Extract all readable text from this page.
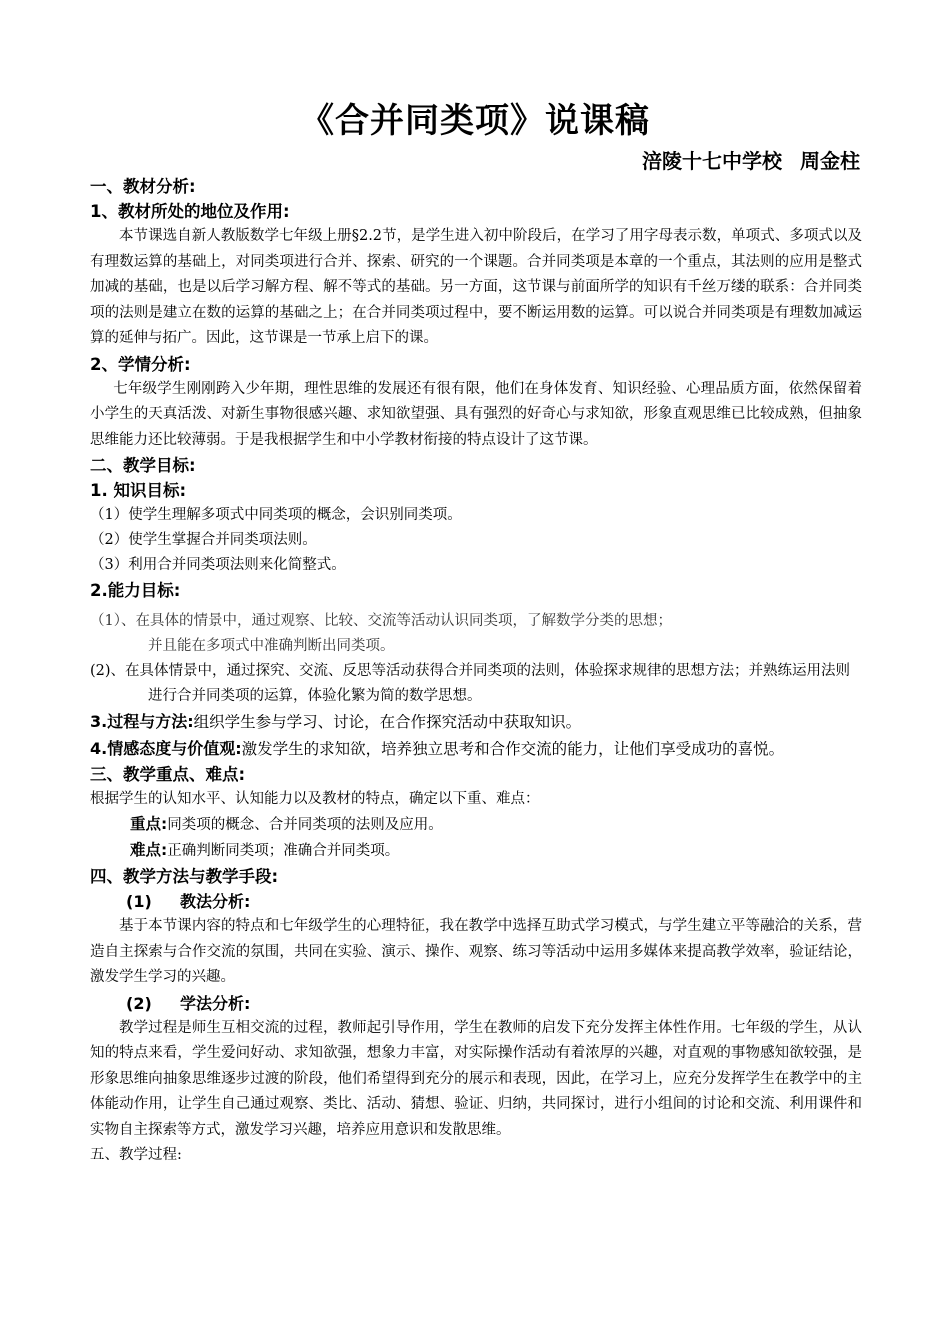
《合并同类项》说课稿
涪陵十七中学校 周金柱
一、教材分析:
1、教材所处的地位及作用:
本节课选自新人教版数学七年级上册§2.2节，是学生进入初中阶段后，在学习了用字母表示数，单项式、多项式以及有理数运算的基础上，对同类项进行合并、探索、研究的一个课题。合并同类项是本章的一个重点，其法则的应用是整式加减的基础，也是以后学习解方程、解不等式的基础。另一方面，这节课与前面所学的知识有千丝万缕的联系：合并同类项的法则是建立在数的运算的基础之上；在合并同类项过程中，要不断运用数的运算。可以说合并同类项是有理数加减运算的延伸与拓广。因此，这节课是一节承上启下的课。
2、学情分析:
七年级学生刚刚跨入少年期，理性思维的发展还有很有限，他们在身体发育、知识经验、心理品质方面，依然保留着小学生的天真活泼、对新生事物很感兴趣、求知欲望强、具有强烈的好奇心与求知欲，形象直观思维已比较成熟，但抽象思维能力还比较薄弱。于是我根据学生和中小学教材衔接的特点设计了这节课。
二、教学目标:
1. 知识目标:
（1）使学生理解多项式中同类项的概念，会识别同类项。
（2）使学生掌握合并同类项法则。
（3）利用合并同类项法则来化简整式。
2.能力目标:
（1）、在具体的情景中，通过观察、比较、交流等活动认识同类项，了解数学分类的思想；
并且能在多项式中准确判断出同类项。
(2)、在具体情景中，通过探究、交流、反思等活动获得合并同类项的法则，体验探求规律的思想方法；并熟练运用法则进行合并同类项的运算，体验化繁为简的数学思想。
3.过程与方法:组织学生参与学习、讨论，在合作探究活动中获取知识。
4.情感态度与价值观:激发学生的求知欲，培养独立思考和合作交流的能力，让他们享受成功的喜悦。
三、教学重点、难点:
根据学生的认知水平、认知能力以及教材的特点，确定以下重、难点：
重点:同类项的概念、合并同类项的法则及应用。
难点:正确判断同类项；准确合并同类项。
四、教学方法与教学手段:
(1) 教法分析:
基于本节课内容的特点和七年级学生的心理特征，我在教学中选择互助式学习模式，与学生建立平等融洽的关系，营造自主探索与合作交流的氛围，共同在实验、演示、操作、观察、练习等活动中运用多媒体来提高教学效率，验证结论，激发学生学习的兴趣。
(2) 学法分析:
教学过程是师生互相交流的过程，教师起引导作用，学生在教师的启发下充分发挥主体性作用。七年级的学生，从认知的特点来看，学生爱问好动、求知欲强，想象力丰富，对实际操作活动有着浓厚的兴趣，对直观的事物感知欲较强，是形象思维向抽象思维逐步过渡的阶段，他们希望得到充分的展示和表现，因此，在学习上，应充分发挥学生在教学中的主体能动作用，让学生自己通过观察、类比、活动、猜想、验证、归纳，共同探讨，进行小组间的讨论和交流、利用课件和实物自主探索等方式，激发学习兴趣，培养应用意识和发散思维。
五、教学过程:
